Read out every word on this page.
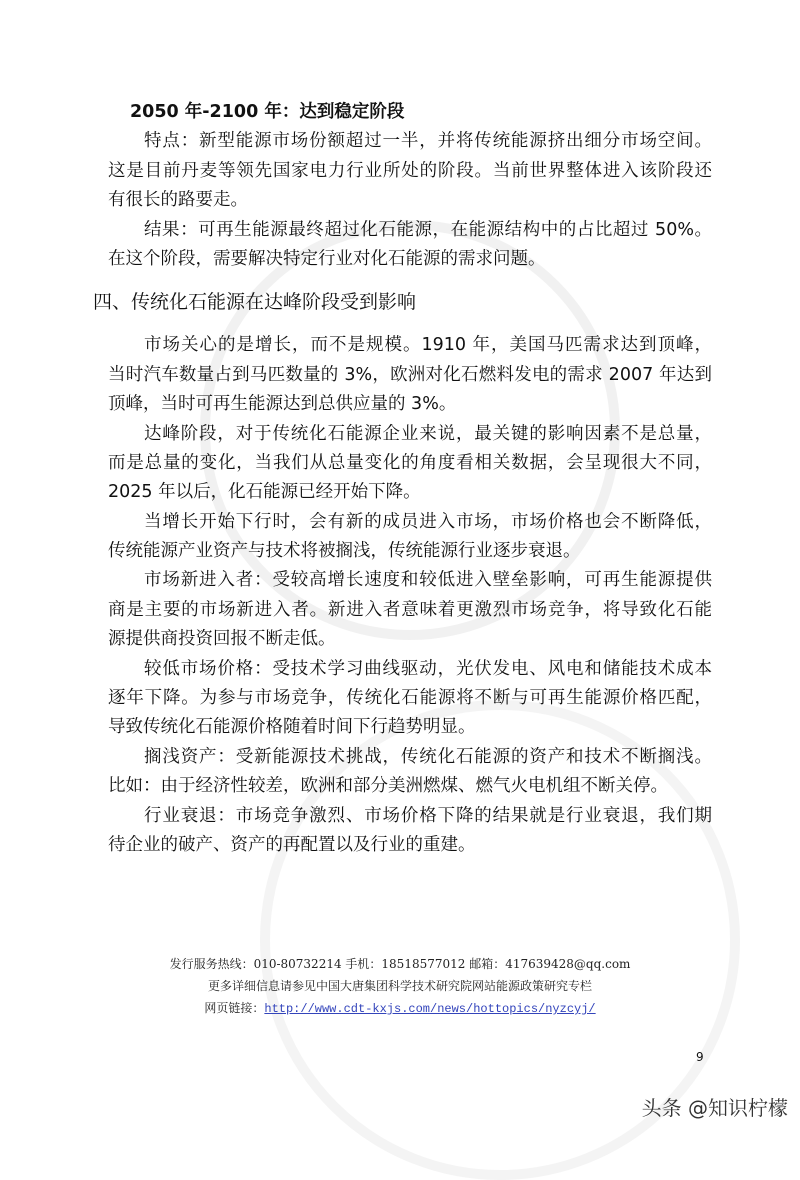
2050 年-2100 年：达到稳定阶段
特点：新型能源市场份额超过一半，并将传统能源挤出细分市场空间。
这是目前丹麦等领先国家电力行业所处的阶段。当前世界整体进入该阶段还
有很长的路要走。
结果：可再生能源最终超过化石能源，在能源结构中的占比超过 50%。
在这个阶段，需要解决特定行业对化石能源的需求问题。
四、传统化石能源在达峰阶段受到影响
市场关心的是增长，而不是规模。1910 年，美国马匹需求达到顶峰，
当时汽车数量占到马匹数量的 3%，欧洲对化石燃料发电的需求 2007 年达到
顶峰，当时可再生能源达到总供应量的 3%。
达峰阶段，对于传统化石能源企业来说，最关键的影响因素不是总量，
而是总量的变化，当我们从总量变化的角度看相关数据，会呈现很大不同，
2025 年以后，化石能源已经开始下降。
当增长开始下行时，会有新的成员进入市场，市场价格也会不断降低，
传统能源产业资产与技术将被搁浅，传统能源行业逐步衰退。
市场新进入者：受较高增长速度和较低进入壁垒影响，可再生能源提供
商是主要的市场新进入者。新进入者意味着更激烈市场竞争，将导致化石能
源提供商投资回报不断走低。
较低市场价格：受技术学习曲线驱动，光伏发电、风电和储能技术成本
逐年下降。为参与市场竞争，传统化石能源将不断与可再生能源价格匹配，
导致传统化石能源价格随着时间下行趋势明显。
搁浅资产：受新能源技术挑战，传统化石能源的资产和技术不断搁浅。
比如：由于经济性较差，欧洲和部分美洲燃煤、燃气火电机组不断关停。
行业衰退：市场竞争激烈、市场价格下降的结果就是行业衰退，我们期
待企业的破产、资产的再配置以及行业的重建。
发行服务热线：010-80732214 手机：18518577012 邮箱：417639428@qq.com
更多详细信息请参见中国大唐集团科学技术研究院网站能源政策研究专栏
网页链接：http://www.cdt-kxjs.com/news/hottopics/nyzcyj/
9
头条 @知识柠檬
